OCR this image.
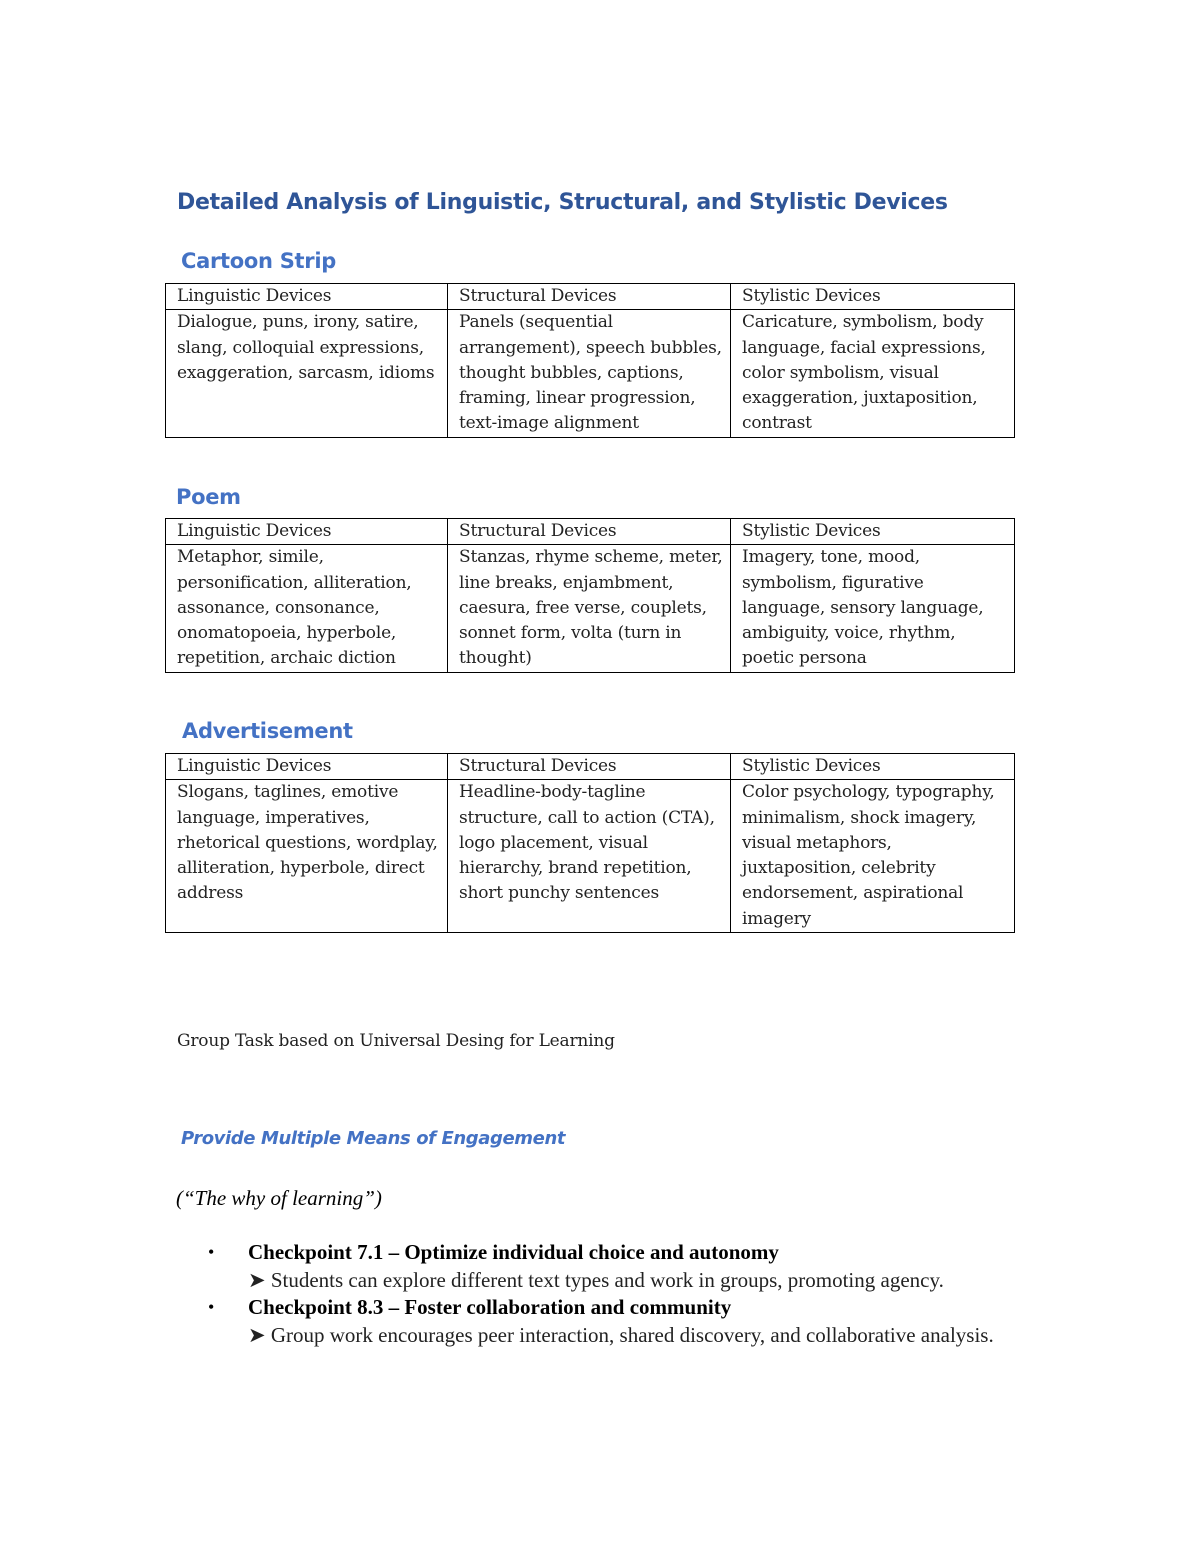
Detailed Analysis of Linguistic, Structural, and Stylistic Devices
Cartoon Strip
Linguistic Devices	Structural Devices	Stylistic Devices
Dialogue, puns, irony, satire, slang, colloquial expressions, exaggeration, sarcasm, idioms	Panels (sequential arrangement), speech bubbles, thought bubbles, captions, framing, linear progression, text-image alignment	Caricature, symbolism, body language, facial expressions, color symbolism, visual exaggeration, juxtaposition, contrast
Poem
Linguistic Devices	Structural Devices	Stylistic Devices
Metaphor, simile, personification, alliteration, assonance, consonance, onomatopoeia, hyperbole, repetition, archaic diction	Stanzas, rhyme scheme, meter, line breaks, enjambment, caesura, free verse, couplets, sonnet form, volta (turn in thought)	Imagery, tone, mood, symbolism, figurative language, sensory language, ambiguity, voice, rhythm, poetic persona
Advertisement
Linguistic Devices	Structural Devices	Stylistic Devices
Slogans, taglines, emotive language, imperatives, rhetorical questions, wordplay, alliteration, hyperbole, direct address	Headline-body-tagline structure, call to action (CTA), logo placement, visual hierarchy, brand repetition, short punchy sentences	Color psychology, typography, minimalism, shock imagery, visual metaphors, juxtaposition, celebrity endorsement, aspirational imagery
Group Task based on Universal Desing for Learning
Provide Multiple Means of Engagement
(“The why of learning”)
• Checkpoint 7.1 – Optimize individual choice and autonomy
➤ Students can explore different text types and work in groups, promoting agency.
• Checkpoint 8.3 – Foster collaboration and community
➤ Group work encourages peer interaction, shared discovery, and collaborative analysis.
